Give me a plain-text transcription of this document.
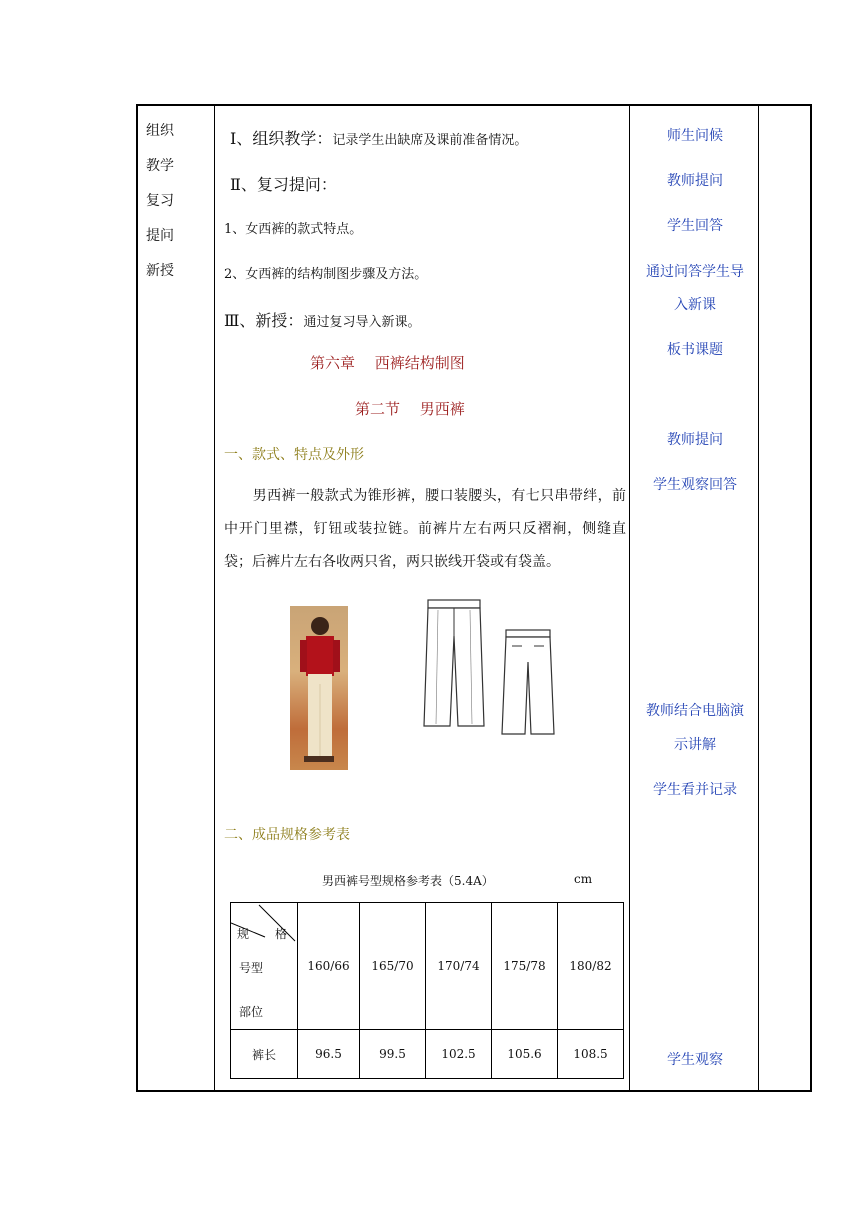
组织
教学
复习
提问
新授
Ⅰ、组织教学：记录学生出缺席及课前准备情况。
Ⅱ、复习提问：
1、女西裤的款式特点。
2、女西裤的结构制图步骤及方法。
Ⅲ、新授：通过复习导入新课。
第六章　 西裤结构制图
第二节　 男西裤
一、款式、特点及外形
　　男西裤一般款式为锥形裤，腰口装腰头，有七只串带绊，前中开门里襟，钉钮或装拉链。前裤片左右两只反褶裥，侧缝直袋；后裤片左右各收两只省，两只嵌线开袋或有袋盖。
二、成品规格参考表
男西裤号型规格参考表（5.4A）	cm
规 格
号型
部位	160/66	165/70	170/74	175/78	180/82
裤长	96.5	99.5	102.5	105.6	108.5
师生问候
教师提问
学生回答
通过问答学生导
入新课
板书课题
教师提问
学生观察回答
教师结合电脑演
示讲解
学生看并记录
学生观察
